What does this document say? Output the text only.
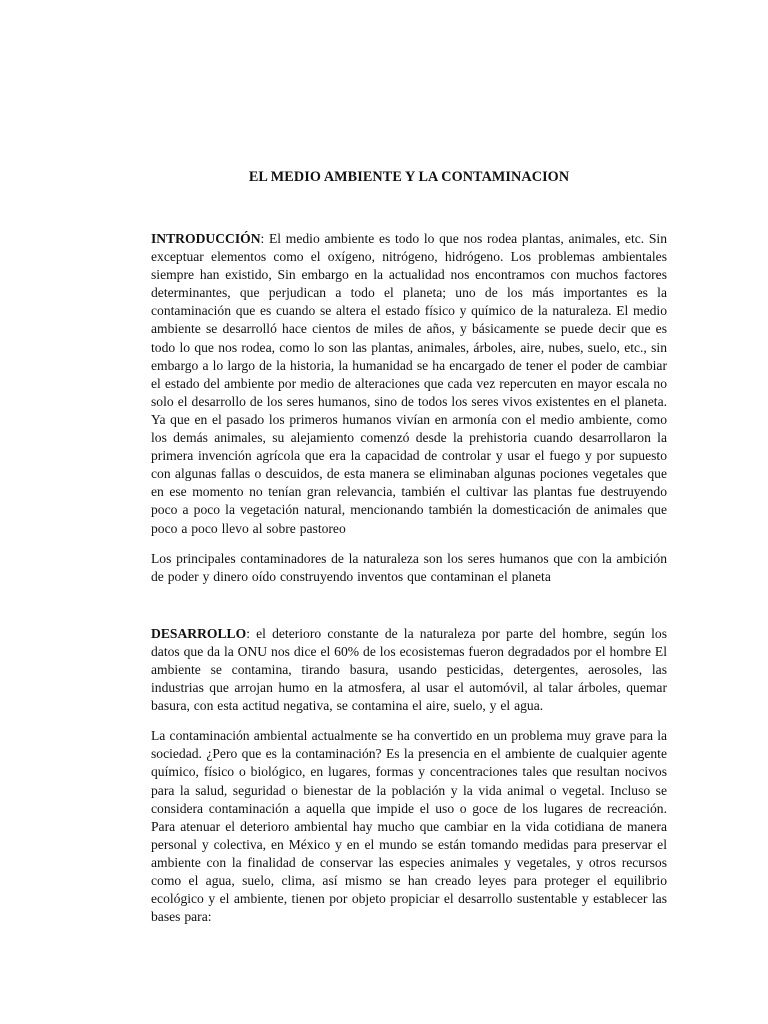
EL MEDIO AMBIENTE Y LA CONTAMINACION

INTRODUCCIÓN: El medio ambiente es todo lo que nos rodea plantas, animales, etc. Sin exceptuar elementos como el oxígeno, nitrógeno, hidrógeno. Los problemas ambientales siempre han existido, Sin embargo en la actualidad nos encontramos con muchos factores determinantes, que perjudican a todo el planeta; uno de los más importantes es la contaminación que es cuando se altera el estado físico y químico de la naturaleza. El medio ambiente se desarrolló hace cientos de miles de años, y básicamente se puede decir que es todo lo que nos rodea, como lo son las plantas, animales, árboles, aire, nubes, suelo, etc., sin embargo a lo largo de la historia, la humanidad se ha encargado de tener el poder de cambiar el estado del ambiente por medio de alteraciones que cada vez repercuten en mayor escala no solo el desarrollo de los seres humanos, sino de todos los seres vivos existentes en el planeta. Ya que en el pasado los primeros humanos vivían en armonía con el medio ambiente, como los demás animales, su alejamiento comenzó desde la prehistoria cuando desarrollaron la primera invención agrícola que era la capacidad de controlar y usar el fuego y por supuesto con algunas fallas o descuidos, de esta manera se eliminaban algunas pociones vegetales que en ese momento no tenían gran relevancia, también el cultivar las plantas fue destruyendo poco a poco la vegetación natural, mencionando también la domesticación de animales que poco a poco llevo al sobre pastoreo

Los principales contaminadores de la naturaleza son los seres humanos que con la ambición de poder y dinero oído construyendo inventos que contaminan el planeta

DESARROLLO: el deterioro constante de la naturaleza por parte del hombre, según los datos que da la ONU nos dice el 60% de los ecosistemas fueron degradados por el hombre El ambiente se contamina, tirando basura, usando pesticidas, detergentes, aerosoles, las industrias que arrojan humo en la atmosfera, al usar el automóvil, al talar árboles, quemar basura, con esta actitud negativa, se contamina el aire, suelo, y el agua.

La contaminación ambiental actualmente se ha convertido en un problema muy grave para la sociedad. ¿Pero que es la contaminación? Es la presencia en el ambiente de cualquier agente químico, físico o biológico, en lugares, formas y concentraciones tales que resultan nocivos para la salud, seguridad o bienestar de la población y la vida animal o vegetal. Incluso se considera contaminación a aquella que impide el uso o goce de los lugares de recreación. Para atenuar el deterioro ambiental hay mucho que cambiar en la vida cotidiana de manera personal y colectiva, en México y en el mundo se están tomando medidas para preservar el ambiente con la finalidad de conservar las especies animales y vegetales, y otros recursos como el agua, suelo, clima, así mismo se han creado leyes para proteger el equilibrio ecológico y el ambiente, tienen por objeto propiciar el desarrollo sustentable y establecer las bases para:
